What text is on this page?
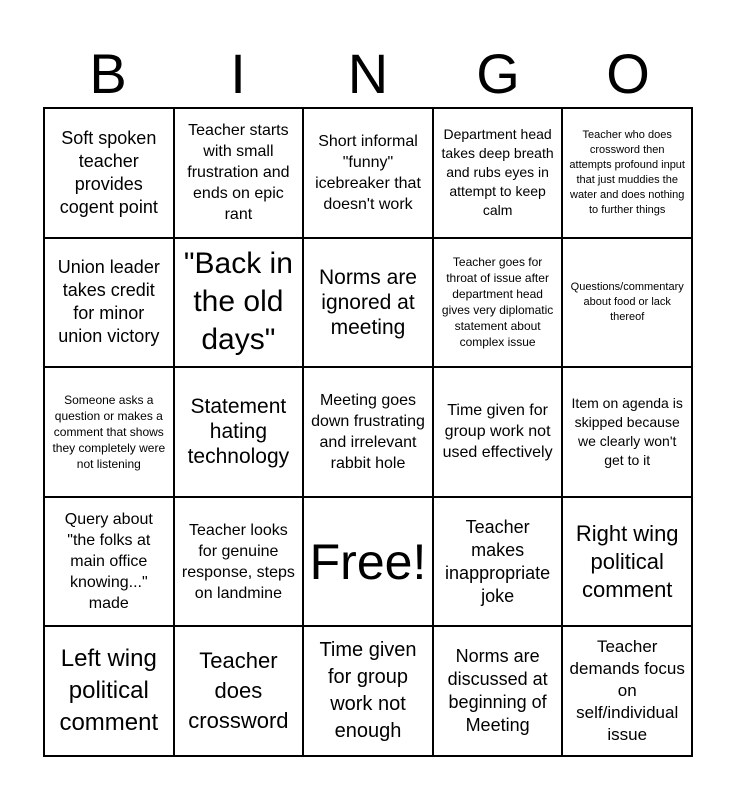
B	I	N	G	O
Soft spoken teacher provides cogent point
Teacher starts with small frustration and ends on epic rant
Short informal "funny" icebreaker that doesn't work
Department head takes deep breath and rubs eyes in attempt to keep calm
Teacher who does crossword then attempts profound input that just muddies the water and does nothing to further things
Union leader takes credit for minor union victory
"Back in the old days"
Norms are ignored at meeting
Teacher goes for throat of issue after department head gives very diplomatic statement about complex issue
Questions/commentary about food or lack thereof
Someone asks a question or makes a comment that shows they completely were not listening
Statement hating technology
Meeting goes down frustrating and irrelevant rabbit hole
Time given for group work not used effectively
Item on agenda is skipped because we clearly won't get to it
Query about "the folks at main office knowing..." made
Teacher looks for genuine response, steps on landmine
Free!
Teacher makes inappropriate joke
Right wing political comment
Left wing political comment
Teacher does crossword
Time given for group work not enough
Norms are discussed at beginning of Meeting
Teacher demands focus on self/individual issue
